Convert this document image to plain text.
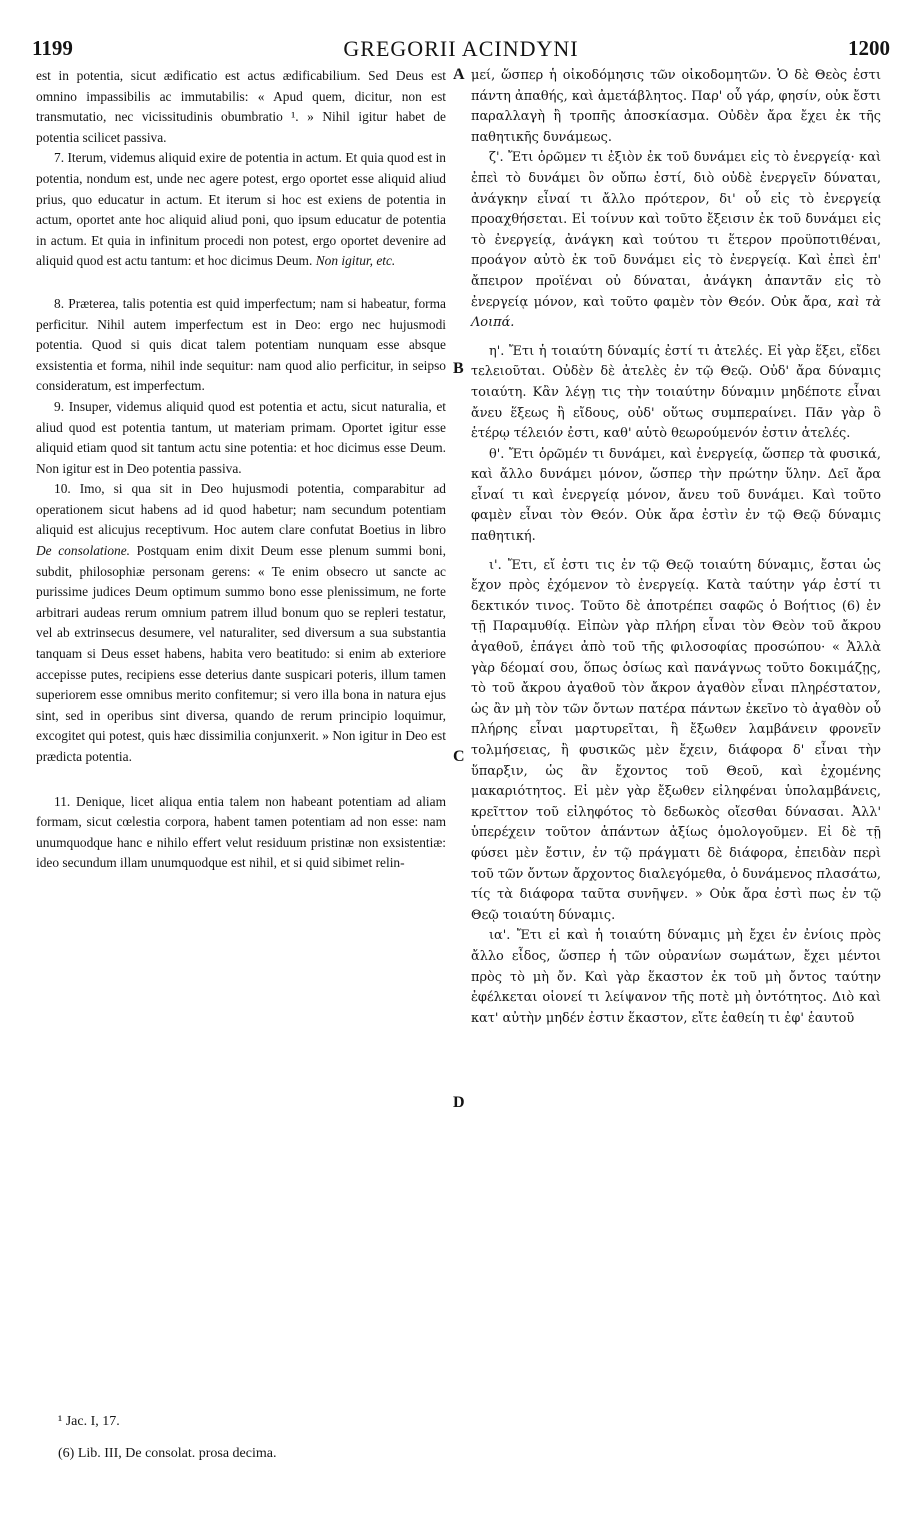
1199	GREGORII ACINDYNI	1200

est in potentia, sicut ædificatio est actus ædificabilium. Sed Deus est omnino impassibilis ac immutabilis: « Apud quem, dicitur, non est transmutatio, nec vicissitudinis obumbratio ¹. » Nihil igitur habet de potentia scilicet passiva.

7. Iterum, videmus aliquid exire de potentia in actum. Et quia quod est in potentia, nondum est, unde nec agere potest, ergo oportet esse aliquid aliud prius, quo educatur in actum. Et iterum si hoc est exiens de potentia in actum, oportet ante hoc aliquid aliud poni, quo ipsum educatur de potentia in actum. Et quia in infinitum procedi non potest, ergo oportet devenire ad aliquid quod est actu tantum: et hoc dicimus Deum. Non igitur, etc.

8. Præterea, talis potentia est quid imperfectum; nam si habeatur, forma perficitur. Nihil autem imperfectum est in Deo: ergo nec hujusmodi potentia. Quod si quis dicat talem potentiam nunquam esse absque exsistentia et forma, nihil inde sequitur: nam quod alio perficitur, in seipso consideratum, est imperfectum.

9. Insuper, videmus aliquid quod est potentia et actu, sicut naturalia, et aliud quod est potentia tantum, ut materiam primam. Oportet igitur esse aliquid etiam quod sit tantum actu sine potentia: et hoc dicimus esse Deum. Non igitur est in Deo potentia passiva.

10. Imo, si qua sit in Deo hujusmodi potentia, comparabitur ad operationem sicut habens ad id quod habetur; nam secundum potentiam aliquid est alicujus receptivum. Hoc autem clare confutat Boetius in libro De consolatione. Postquam enim dixit Deum esse plenum summi boni, subdit, philosophiæ personam gerens: « Te enim obsecro ut sancte ac purissime judices Deum optimum summo bono esse plenissimum, ne forte arbitrari audeas rerum omnium patrem illud bonum quo se repleri testatur, vel ab extrinsecus desumere, vel naturaliter, sed diversum a sua substantia tanquam si Deus esset habens, habita vero beatitudo: si enim ab exteriore accepisse putes, recipiens esse deterius dante suspicari poteris, illum tamen superiorem esse omnibus merito confitemur; si vero illa bona in natura ejus sint, sed in operibus sint diversa, quando de rerum principio loquimur, excogitet qui potest, quis hæc dissimilia conjunxerit. » Non igitur in Deo est prædicta potentia.

11. Denique, licet aliqua entia talem non habeant potentiam ad aliam formam, sicut cœlestia corpora, habent tamen potentiam ad non esse: nam unumquodque hanc e nihilo effert velut residuum pristinæ non exsistentiæ: ideo secundum illam unumquodque est nihil, et si quid sibimet relin-

A
B
C
D

μεί, ὥσπερ ἡ οἰκοδόμησις τῶν οἰκοδομητῶν. Ὁ δὲ Θεὸς ἐστι πάντη ἀπαθής, καὶ ἀμετάβλητος. Παρ' οὗ γάρ, φησίν, οὐκ ἔστι παραλλαγὴ ἢ τροπῆς ἀποσκίασμα. Οὐδὲν ἄρα ἔχει ἐκ τῆς παθητικῆς δυνάμεως.

ζ'. Ἔτι ὁρῶμεν τι ἐξιὸν ἐκ τοῦ δυνάμει εἰς τὸ ἐνεργείᾳ· καὶ ἐπεὶ τὸ δυνάμει ὂν οὔπω ἐστί, διὸ οὐδὲ ἐνεργεῖν δύναται, ἀνάγκην εἶναί τι ἄλλο πρότερον, δι' οὗ εἰς τὸ ἐνεργείᾳ προαχθήσεται. Εἰ τοίνυν καὶ τοῦτο ἔξεισιν ἐκ τοῦ δυνάμει εἰς τὸ ἐνεργείᾳ, ἀνάγκη καὶ τούτου τι ἕτερον προϋποτιθέναι, προάγον αὐτὸ ἐκ τοῦ δυνάμει εἰς τὸ ἐνεργείᾳ. Καὶ ἐπεὶ ἐπ' ἄπειρον προϊέναι οὐ δύναται, ἀνάγκη ἀπαντᾶν εἰς τὸ ἐνεργείᾳ μόνον, καὶ τοῦτο φαμὲν τὸν Θεόν. Οὐκ ἄρα, καὶ τὰ Λοιπά.

η'. Ἔτι ἡ τοιαύτη δύναμίς ἐστί τι ἀτελές. Εἰ γὰρ ἕξει, εἴδει τελειοῦται. Οὐδὲν δὲ ἀτελὲς ἐν τῷ Θεῷ. Οὐδ' ἄρα δύναμις τοιαύτη. Κἂν λέγῃ τις τὴν τοιαύτην δύναμιν μηδέποτε εἶναι ἄνευ ἕξεως ἢ εἴδους, οὐδ' οὕτως συμπεραίνει. Πᾶν γὰρ ὃ ἑτέρῳ τέλειόν ἐστι, καθ' αὑτὸ θεωρούμενόν ἐστιν ἀτελές.

θ'. Ἔτι ὁρῶμέν τι δυνάμει, καὶ ἐνεργείᾳ, ὥσπερ τὰ φυσικά, καὶ ἄλλο δυνάμει μόνον, ὥσπερ τὴν πρώτην ὕλην. Δεῖ ἄρα εἶναί τι καὶ ἐνεργείᾳ μόνον, ἄνευ τοῦ δυνάμει. Καὶ τοῦτο φαμὲν εἶναι τὸν Θεόν. Οὐκ ἄρα ἐστὶν ἐν τῷ Θεῷ δύναμις παθητική.

ι'. Ἔτι, εἴ ἐστι τις ἐν τῷ Θεῷ τοιαύτη δύναμις, ἔσται ὡς ἔχον πρὸς ἐχόμενον τὸ ἐνεργείᾳ. Κατὰ ταύτην γάρ ἐστί τι δεκτικόν τινος. Τοῦτο δὲ ἀποτρέπει σαφῶς ὁ Βοήτιος (6) ἐν τῇ Παραμυθίᾳ. Εἰπὼν γὰρ πλήρη εἶναι τὸν Θεὸν τοῦ ἄκρου ἀγαθοῦ, ἐπάγει ἀπὸ τοῦ τῆς φιλοσοφίας προσώπου· « Ἀλλὰ γὰρ δέομαί σου, ὅπως ὁσίως καὶ πανάγνως τοῦτο δοκιμάζῃς, τὸ τοῦ ἄκρου ἀγαθοῦ τὸν ἄκρον ἀγαθὸν εἶναι πληρέστατον, ὡς ἂν μὴ τὸν τῶν ὄντων πατέρα πάντων ἐκεῖνο τὸ ἀγαθὸν οὗ πλήρης εἶναι μαρτυρεῖται, ἢ ἔξωθεν λαμβάνειν φρονεῖν τολμήσειας, ἢ φυσικῶς μὲν ἔχειν, διάφορα δ' εἶναι τὴν ὕπαρξιν, ὡς ἂν ἔχοντος τοῦ Θεοῦ, καὶ ἐχομένης μακαριότητος. Εἰ μὲν γὰρ ἔξωθεν εἰληφέναι ὑπολαμβάνεις, κρεῖττον τοῦ εἰληφότος τὸ δεδωκὸς οἴεσθαι δύνασαι. Ἀλλ' ὑπερέχειν τοῦτον ἁπάντων ἀξίως ὁμολογοῦμεν. Εἰ δὲ τῇ φύσει μὲν ἔστιν, ἐν τῷ πράγματι δὲ διάφορα, ἐπειδὰν περὶ τοῦ τῶν ὄντων ἄρχοντος διαλεγόμεθα, ὁ δυνάμενος πλασάτω, τίς τὰ διάφορα ταῦτα συνῆψεν. » Οὐκ ἄρα ἐστὶ πως ἐν τῷ Θεῷ τοιαύτη δύναμις.

ια'. Ἔτι εἰ καὶ ἡ τοιαύτη δύναμις μὴ ἔχει ἐν ἐνίοις πρὸς ἄλλο εἶδος, ὥσπερ ἡ τῶν οὐρανίων σωμάτων, ἔχει μέντοι πρὸς τὸ μὴ ὄν. Καὶ γὰρ ἕκαστον ἐκ τοῦ μὴ ὄντος ταύτην ἐφέλκεται οἱονεί τι λείψανον τῆς ποτὲ μὴ ὀντότητος. Διὸ καὶ κατ' αὐτὴν μηδέν ἐστιν ἕκαστον, εἴτε ἐαθείη τι ἐφ' ἑαυτοῦ

¹ Jac. I, 17.

(6) Lib. III, De consolat. prosa decima.
